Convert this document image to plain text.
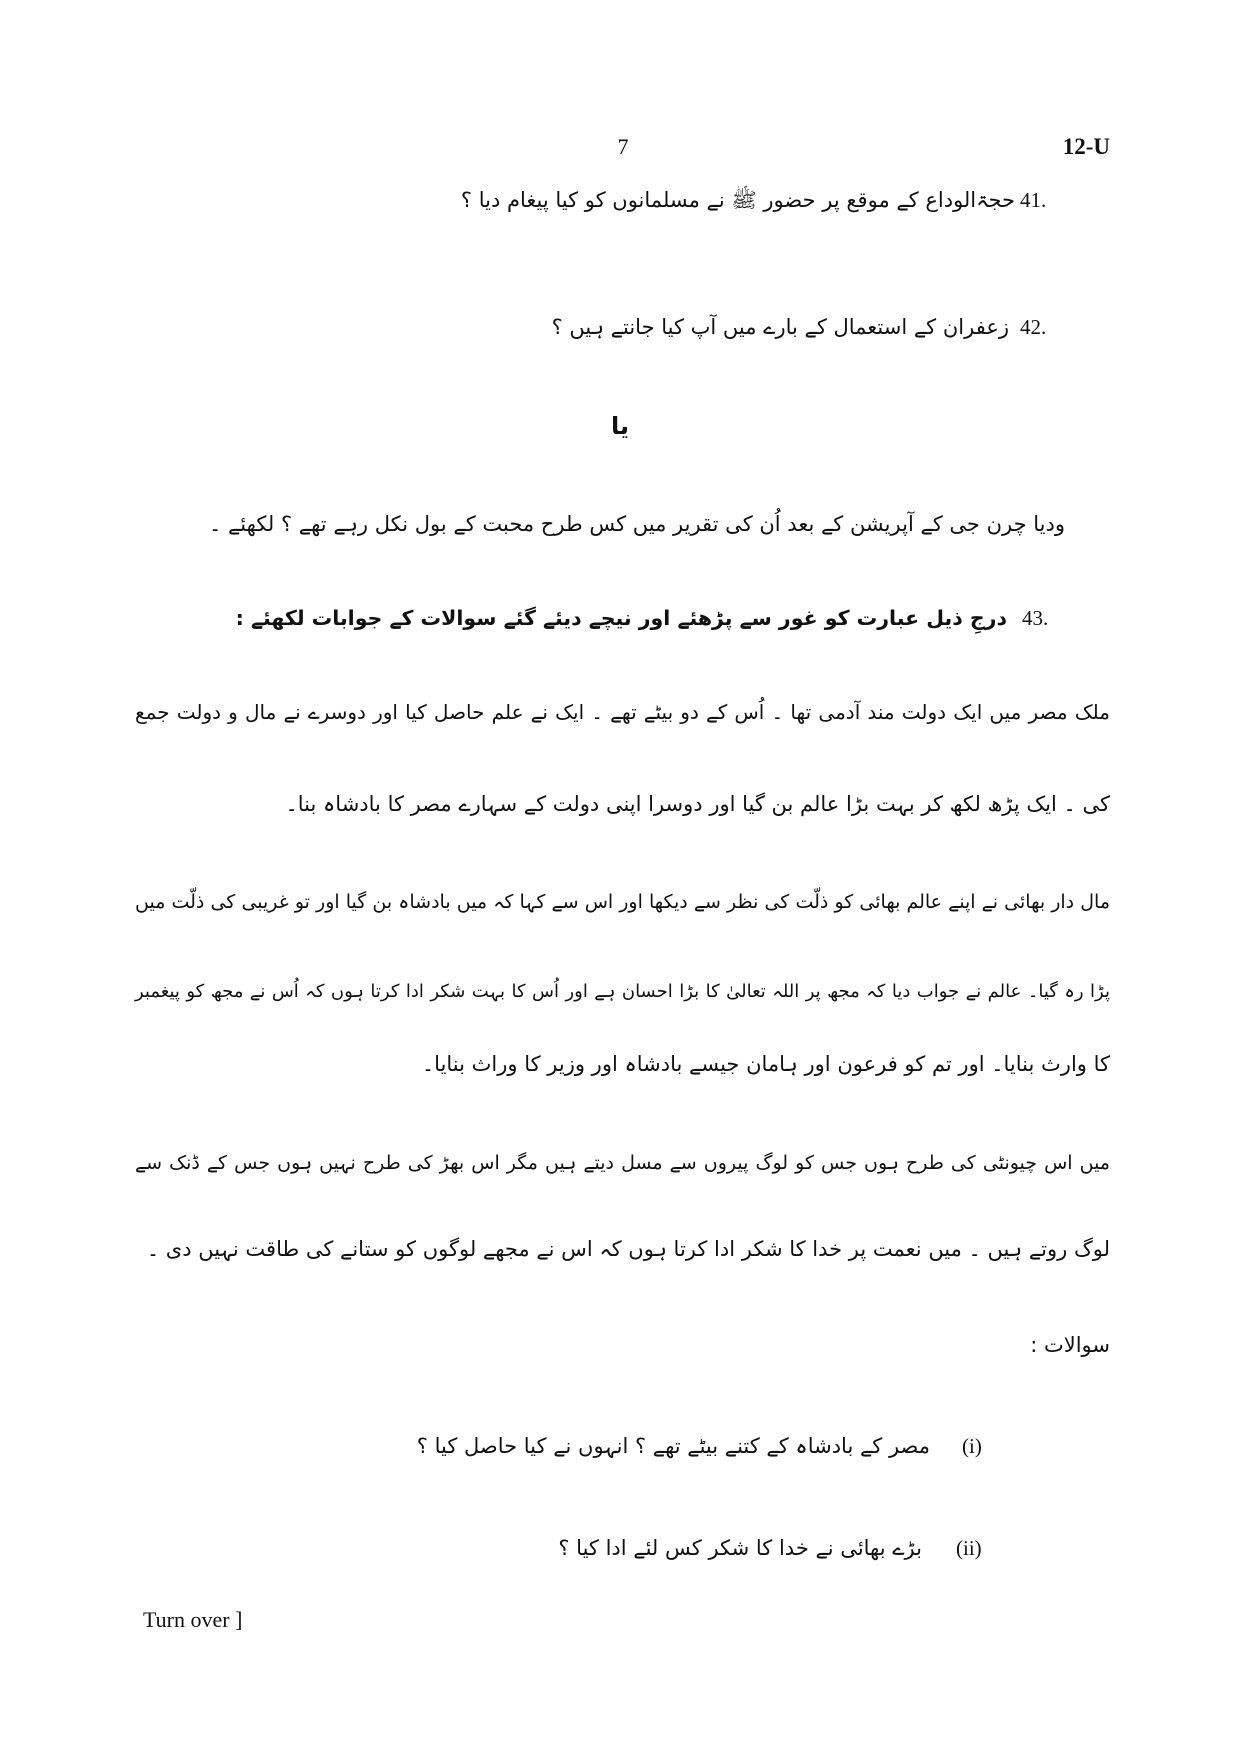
7	12-U
41.
حجۃالوداع کے موقع پر حضور ﷺ نے مسلمانوں کو کیا پیغام دیا ؟
42.
زعفران کے استعمال کے بارے میں آپ کیا جانتے ہیں ؟
یا
ودیا چرن جی کے آپریشن کے بعد اُن کی تقریر میں کس طرح محبت کے بول نکل رہے تھے ؟ لکھئے ۔
43.
درجِ ذیل عبارت کو غور سے پڑھئے اور نیچے دیئے گئے سوالات کے جوابات لکھئے :
ملک مصر میں ایک دولت مند آدمی تھا ۔ اُس کے دو بیٹے تھے ۔ ایک نے علم حاصل کیا اور دوسرے نے مال و دولت جمع
کی ۔ ایک پڑھ لکھ کر بہت بڑا عالم بن گیا اور دوسرا اپنی دولت کے سہارے مصر کا بادشاہ بنا۔
مال دار بھائی نے اپنے عالم بھائی کو ذلّت کی نظر سے دیکھا اور اس سے کہا کہ میں بادشاہ بن گیا اور تو غریبی کی ذلّت میں
پڑا رہ گیا۔ عالم نے جواب دیا کہ مجھ پر اللہ تعالیٰ کا بڑا احسان ہے اور اُس کا بہت شکر ادا کرتا ہوں کہ اُس نے مجھ کو پیغمبر
کا وارث بنایا۔ اور تم کو فرعون اور ہامان جیسے بادشاہ اور وزیر کا وراث بنایا۔
میں اس چیونٹی کی طرح ہوں جس کو لوگ پیروں سے مسل دیتے ہیں مگر اس بھڑ کی طرح نہیں ہوں جس کے ڈنک سے
لوگ روتے ہیں ۔ میں نعمت پر خدا کا شکر ادا کرتا ہوں کہ اس نے مجھے لوگوں کو ستانے کی طاقت نہیں دی ۔
سوالات :
(i)
مصر کے بادشاہ کے کتنے بیٹے تھے ؟ انہوں نے کیا حاصل کیا ؟
(ii)
بڑے بھائی نے خدا کا شکر کس لئے ادا کیا ؟
Turn over ]
